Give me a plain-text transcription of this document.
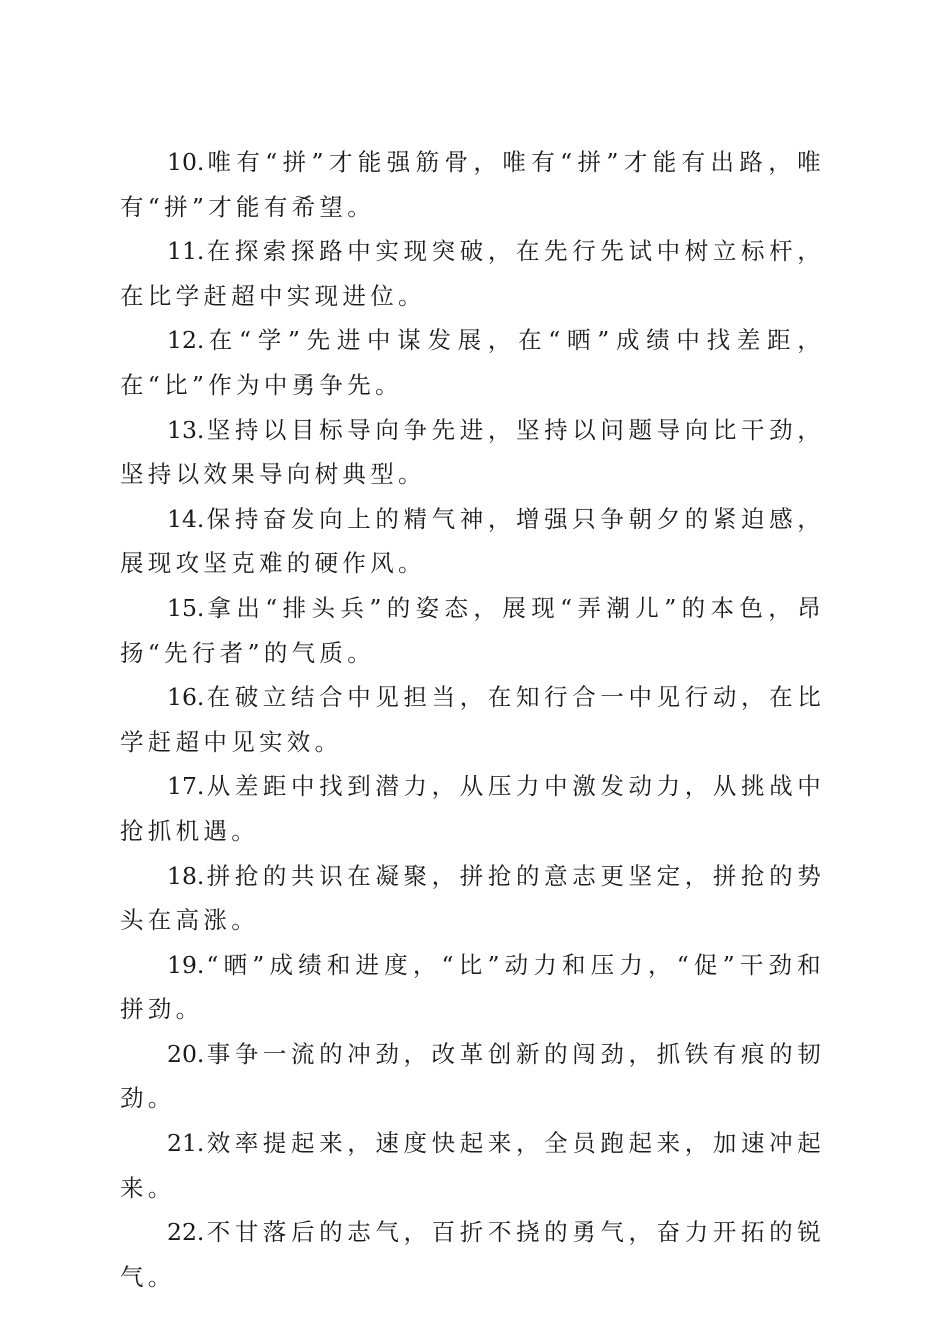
10.唯有“拼”才能强筋骨，唯有“拼”才能有出路，唯有“拼”才能有希望。

11.在探索探路中实现突破，在先行先试中树立标杆，在比学赶超中实现进位。

12.在“学”先进中谋发展，在“晒”成绩中找差距，在“比”作为中勇争先。

13.坚持以目标导向争先进，坚持以问题导向比干劲，坚持以效果导向树典型。

14.保持奋发向上的精气神，增强只争朝夕的紧迫感，展现攻坚克难的硬作风。

15.拿出“排头兵”的姿态，展现“弄潮儿”的本色，昂扬“先行者”的气质。

16.在破立结合中见担当，在知行合一中见行动，在比学赶超中见实效。

17.从差距中找到潜力，从压力中激发动力，从挑战中抢抓机遇。

18.拼抢的共识在凝聚，拼抢的意志更坚定，拼抢的势头在高涨。

19.“晒”成绩和进度，“比”动力和压力，“促”干劲和拼劲。

20.事争一流的冲劲，改革创新的闯劲，抓铁有痕的韧劲。

21.效率提起来，速度快起来，全员跑起来，加速冲起来。

22.不甘落后的志气，百折不挠的勇气，奋力开拓的锐气。
